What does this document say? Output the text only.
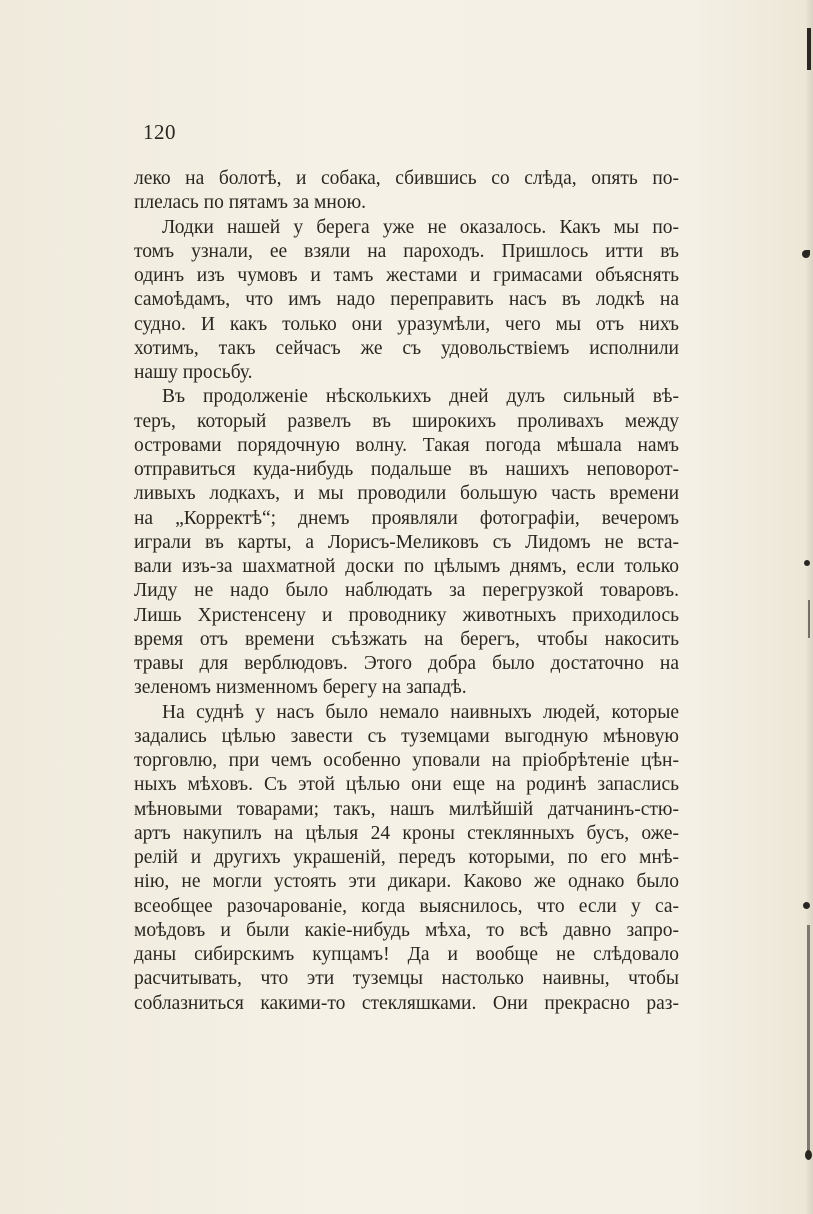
120
леко на болотѣ, и собака, сбившись со слѣда, опять по-
плелась по пятамъ за мною.
Лодки нашей у берега уже не оказалось. Какъ мы по-
томъ узнали, ее взяли на пароходъ. Пришлось итти въ
одинъ изъ чумовъ и тамъ жестами и гримасами объяснять
самоѣдамъ, что имъ надо переправить насъ въ лодкѣ на
судно. И какъ только они уразумѣли, чего мы отъ нихъ
хотимъ, такъ сейчасъ же съ удовольствіемъ исполнили
нашу просьбу.
Въ продолженіе нѣсколькихъ дней дулъ сильный вѣ-
теръ, который развелъ въ широкихъ проливахъ между
островами порядочную волну. Такая погода мѣшала намъ
отправиться куда-нибудь подальше въ нашихъ неповорот-
ливыхъ лодкахъ, и мы проводили большую часть времени
на „Корректѣ“; днемъ проявляли фотографіи, вечеромъ
играли въ карты, а Лорисъ-Меликовъ съ Лидомъ не вста-
вали изъ-за шахматной доски по цѣлымъ днямъ, если только
Лиду не надо было наблюдать за перегрузкой товаровъ.
Лишь Христенсену и проводнику животныхъ приходилось
время отъ времени съѣзжать на берегъ, чтобы накосить
травы для верблюдовъ. Этого добра было достаточно на
зеленомъ низменномъ берегу на западѣ.
На суднѣ у насъ было немало наивныхъ людей, которые
задались цѣлью завести съ туземцами выгодную мѣновую
торговлю, при чемъ особенно уповали на пріобрѣтеніе цѣн-
ныхъ мѣховъ. Съ этой цѣлью они еще на родинѣ запаслись
мѣновыми товарами; такъ, нашъ милѣйшій датчанинъ-стю-
артъ накупилъ на цѣлыя 24 кроны стеклянныхъ бусъ, оже-
релій и другихъ украшеній, передъ которыми, по его мнѣ-
нію, не могли устоять эти дикари. Каково же однако было
всеобщее разочарованіе, когда выяснилось, что если у са-
моѣдовъ и были какіе-нибудь мѣха, то всѣ давно запро-
даны сибирскимъ купцамъ! Да и вообще не слѣдовало
расчитывать, что эти туземцы настолько наивны, чтобы
соблазниться какими-то стекляшками. Они прекрасно раз-
